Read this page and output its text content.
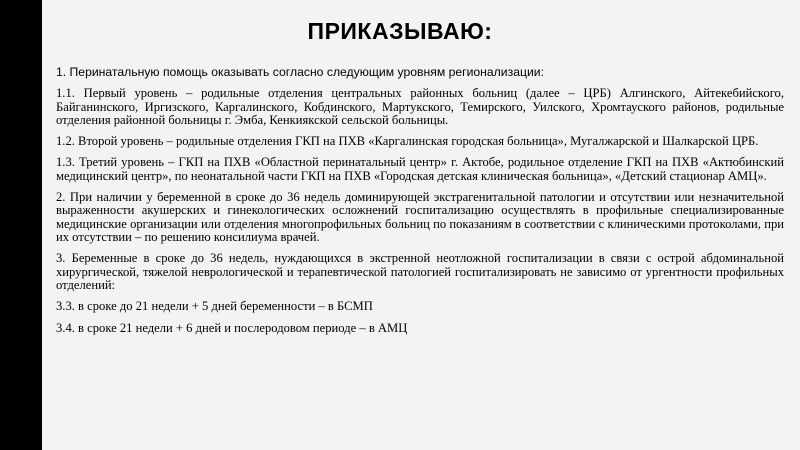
ПРИКАЗЫВАЮ:

1. Перинатальную помощь оказывать согласно следующим уровням регионализации:

1.1. Первый уровень – родильные отделения центральных районных больниц (далее – ЦРБ) Алгинского, Айтекебийского, Байганинского, Иргизского, Каргалинского, Кобдинского, Мартукского, Темирского, Уилского, Хромтауского районов, родильные отделения районной больницы г. Эмба, Кенкиякской сельской больницы.

1.2. Второй уровень – родильные отделения ГКП на ПХВ «Каргалинская городская больница», Мугалжарской и Шалкарской ЦРБ.

1.3. Третий уровень – ГКП на ПХВ «Областной перинатальный центр» г. Актобе, родильное отделение ГКП на ПХВ «Актюбинский медицинский центр», по неонатальной части ГКП на ПХВ «Городская детская клиническая больница», «Детский стационар АМЦ».

2. При наличии у беременной в сроке до 36 недель доминирующей экстрагенитальной патологии и отсутствии или незначительной выраженности акушерских и гинекологических осложнений госпитализацию осуществлять в профильные специализированные медицинские организации или отделения многопрофильных больниц по показаниям в соответствии с клиническими протоколами, при их отсутствии – по решению консилиума врачей.

3. Беременные в сроке до 36 недель, нуждающихся в экстренной неотложной госпитализации в связи с острой абдоминальной хирургической, тяжелой неврологической и терапевтической патологией госпитализировать не зависимо от ургентности профильных отделений:

3.3. в сроке до 21 недели + 5 дней беременности – в БСМП

3.4. в сроке 21 недели + 6 дней и послеродовом периоде – в АМЦ
